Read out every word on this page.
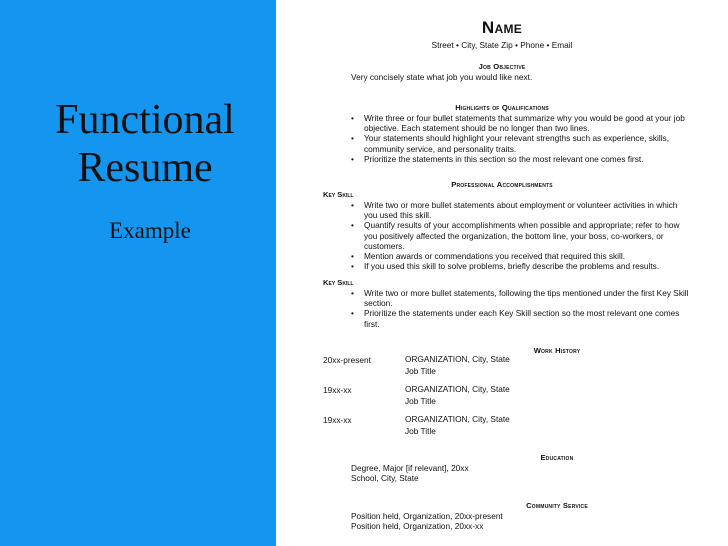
Functional
Resume
Example
Name
Street • City, State Zip • Phone • Email
Job Objective
Very concisely state what job you would like next.
Highlights of Qualifications
• Write three or four bullet statements that summarize why you would be good at your job objective. Each statement should be no longer than two lines.
• Your statements should highlight your relevant strengths such as experience, skills, community service, and personality traits.
• Prioritize the statements in this section so the most relevant one comes first.
Professional Accomplishments
Key Skill
• Write two or more bullet statements about employment or volunteer activities in which you used this skill.
• Quantify results of your accomplishments when possible and appropriate; refer to how you positively affected the organization, the bottom line, your boss, co-workers, or customers.
• Mention awards or commendations you received that required this skill.
• If you used this skill to solve problems, briefly describe the problems and results.
Key Skill
• Write two or more bullet statements, following the tips mentioned under the first Key Skill section.
• Prioritize the statements under each Key Skill section so the most relevant one comes first.
Work History
20xx-present	ORGANIZATION, City, State
Job Title
19xx-xx	ORGANIZATION, City, State
Job Title
19xx-xx	ORGANIZATION, City, State
Job Title
Education
Degree, Major [if relevant], 20xx
School, City, State
Community Service
Position held, Organization, 20xx-present
Position held, Organization, 20xx-xx
